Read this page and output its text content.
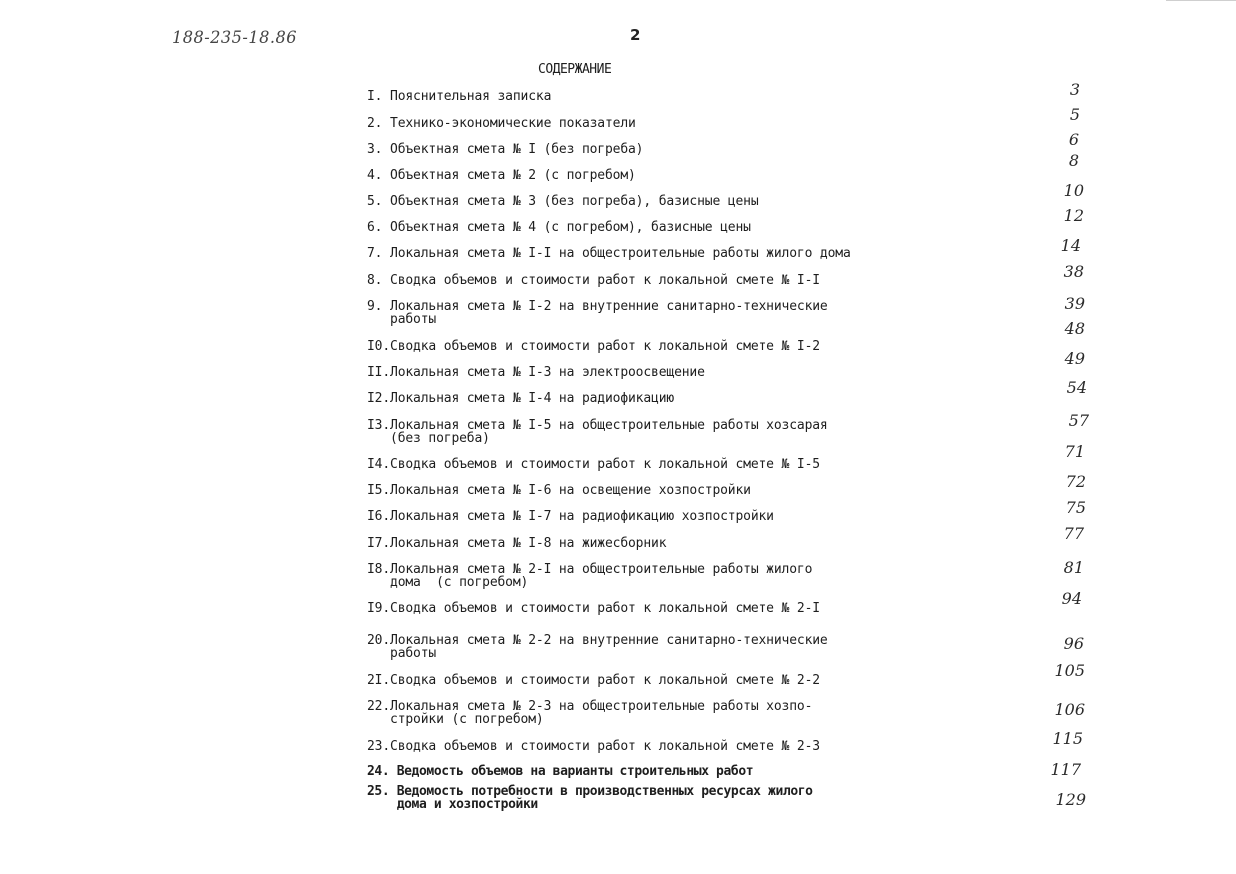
188-235-18.86	2
СОДЕРЖАНИЕ
I. Пояснительная записка
2. Технико-экономические показатели
3. Объектная смета № I (без погреба)
4. Объектная смета № 2 (с погребом)
5. Объектная смета № 3 (без погреба), базисные цены
6. Объектная смета № 4 (с погребом), базисные цены
7. Локальная смета № I-I на общестроительные работы жилого дома
8. Сводка объемов и стоимости работ к локальной смете № I-I
9. Локальная смета № I-2 на внутренние санитарно-технические
работы
I0.Сводка объемов и стоимости работ к локальной смете № I-2
II.Локальная смета № I-3 на электроосвещение
I2.Локальная смета № I-4 на радиофикацию
I3.Локальная смета № I-5 на общестроительные работы хозсарая
(без погреба)
I4.Сводка объемов и стоимости работ к локальной смете № I-5
I5.Локальная смета № I-6 на освещение хозпостройки
I6.Локальная смета № I-7 на радиофикацию хозпостройки
I7.Локальная смета № I-8 на жижесборник
I8.Локальная смета № 2-I на общестроительные работы жилого
дома  (с погребом)
I9.Сводка объемов и стоимости работ к локальной смете № 2-I
20.Локальная смета № 2-2 на внутренние санитарно-технические
работы
2I.Сводка объемов и стоимости работ к локальной смете № 2-2
22.Локальная смета № 2-3 на общестроительные работы хозпо-
стройки (с погребом)
23.Сводка объемов и стоимости работ к локальной смете № 2-3
24. Ведомость объемов на варианты строительных работ
25. Ведомость потребности в производственных ресурсах жилого
дома и хозпостройки
3
5
6
8
10
12
14
38
39
48
49
54
57
71
72
75
77
81
94
96
105
106
115
117
129
